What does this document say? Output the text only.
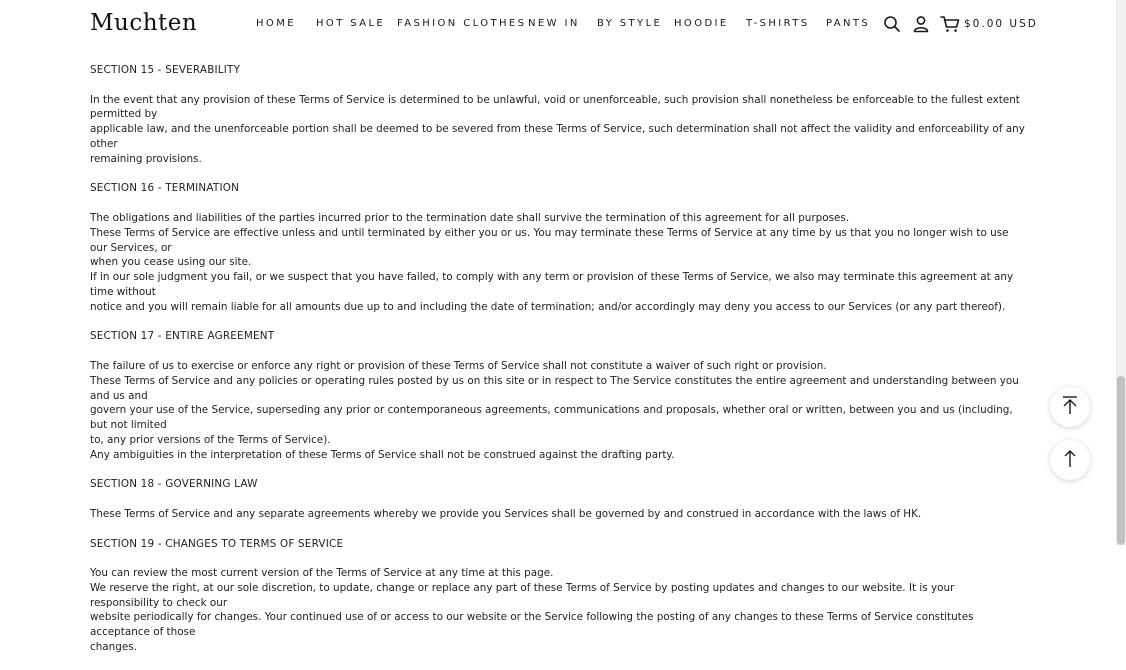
Muchten	HOME HOT SALE FASHION CLOTHES NEW IN BY STYLE HOODIE T-SHIRTS PANTS	$0.00 USD
SECTION 15 - SEVERABILITY
In the event that any provision of these Terms of Service is determined to be unlawful, void or unenforceable, such provision shall nonetheless be enforceable to the fullest extent permitted by
applicable law, and the unenforceable portion shall be deemed to be severed from these Terms of Service, such determination shall not affect the validity and enforceability of any other
remaining provisions.
SECTION 16 - TERMINATION
The obligations and liabilities of the parties incurred prior to the termination date shall survive the termination of this agreement for all purposes.
These Terms of Service are effective unless and until terminated by either you or us. You may terminate these Terms of Service at any time by us that you no longer wish to use our Services, or
when you cease using our site.
If in our sole judgment you fail, or we suspect that you have failed, to comply with any term or provision of these Terms of Service, we also may terminate this agreement at any time without
notice and you will remain liable for all amounts due up to and including the date of termination; and/or accordingly may deny you access to our Services (or any part thereof).
SECTION 17 - ENTIRE AGREEMENT
The failure of us to exercise or enforce any right or provision of these Terms of Service shall not constitute a waiver of such right or provision.
These Terms of Service and any policies or operating rules posted by us on this site or in respect to The Service constitutes the entire agreement and understanding between you and us and
govern your use of the Service, superseding any prior or contemporaneous agreements, communications and proposals, whether oral or written, between you and us (including, but not limited
to, any prior versions of the Terms of Service).
Any ambiguities in the interpretation of these Terms of Service shall not be construed against the drafting party.
SECTION 18 - GOVERNING LAW
These Terms of Service and any separate agreements whereby we provide you Services shall be governed by and construed in accordance with the laws of HK.
SECTION 19 - CHANGES TO TERMS OF SERVICE
You can review the most current version of the Terms of Service at any time at this page.
We reserve the right, at our sole discretion, to update, change or replace any part of these Terms of Service by posting updates and changes to our website. It is your responsibility to check our
website periodically for changes. Your continued use of or access to our website or the Service following the posting of any changes to these Terms of Service constitutes acceptance of those
changes.
